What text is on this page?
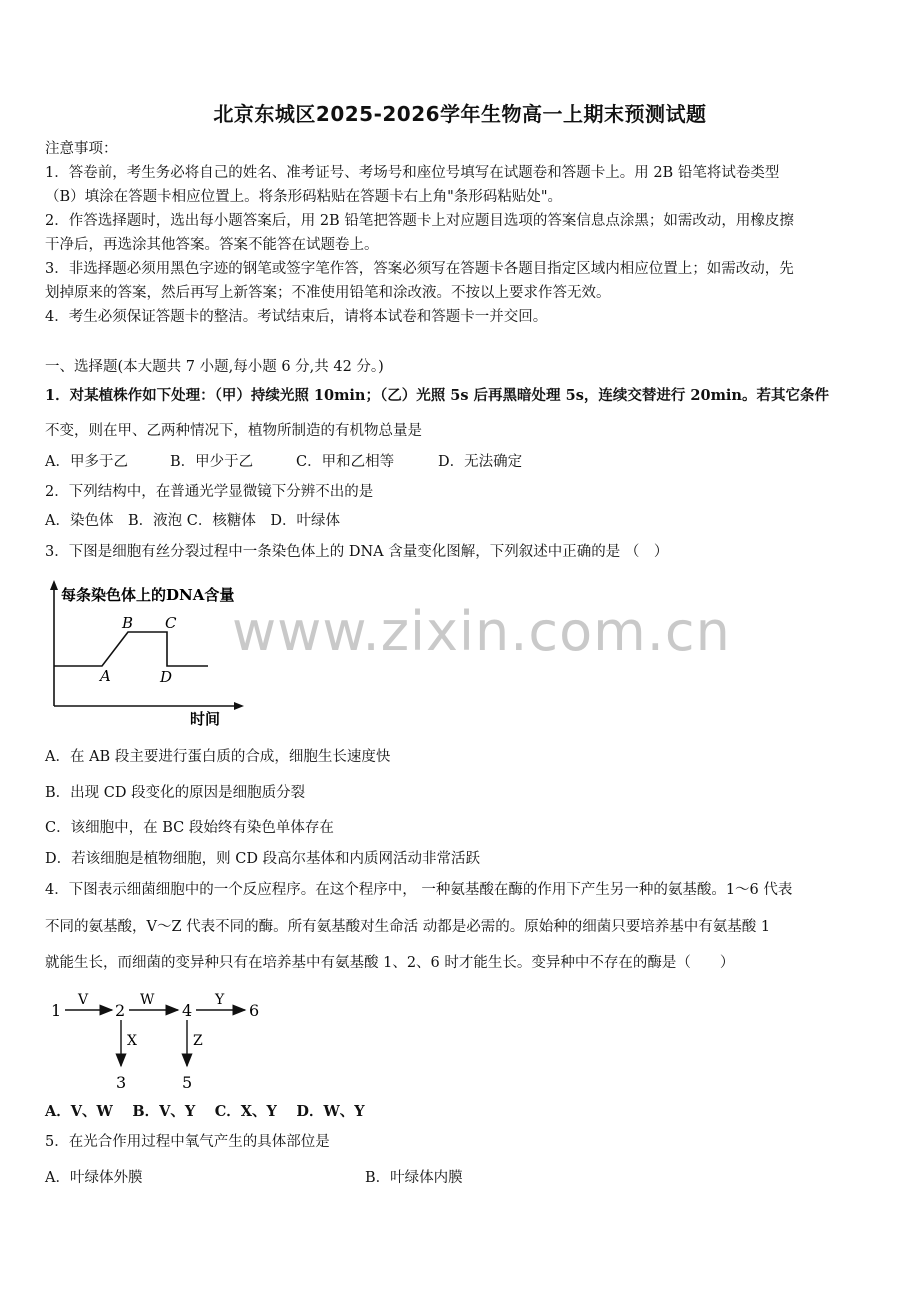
北京东城区2025-2026学年生物高一上期末预测试题
注意事项：
1．答卷前，考生务必将自己的姓名、准考证号、考场号和座位号填写在试题卷和答题卡上。用 2B 铅笔将试卷类型
（B）填涂在答题卡相应位置上。将条形码粘贴在答题卡右上角"条形码粘贴处"。
2．作答选择题时，选出每小题答案后，用 2B 铅笔把答题卡上对应题目选项的答案信息点涂黑；如需改动，用橡皮擦
干净后，再选涂其他答案。答案不能答在试题卷上。
3．非选择题必须用黑色字迹的钢笔或签字笔作答，答案必须写在答题卡各题目指定区域内相应位置上；如需改动，先
划掉原来的答案，然后再写上新答案；不准使用铅笔和涂改液。不按以上要求作答无效。
4．考生必须保证答题卡的整洁。考试结束后，请将本试卷和答题卡一并交回。
一、选择题(本大题共 7 小题,每小题 6 分,共 42 分。)
1．对某植株作如下处理：（甲）持续光照 10min；（乙）光照 5s 后再黑暗处理 5s，连续交替进行 20min。若其它条件
不变，则在甲、乙两种情况下，植物所制造的有机物总量是
A．甲多于乙	B．甲少于乙	C．甲和乙相等	D．无法确定
2．下列结构中，在普通光学显微镜下分辨不出的是
A．染色体　B．液泡 C．核糖体　D．叶绿体
3．下图是细胞有丝分裂过程中一条染色体上的 DNA 含量变化图解，下列叙述中正确的是 （　）
每条染色体上的DNA含量
时间
A
B C
D
A．在 AB 段主要进行蛋白质的合成，细胞生长速度快
B．出现 CD 段变化的原因是细胞质分裂
C．该细胞中，在 BC 段始终有染色单体存在
D．若该细胞是植物细胞，则 CD 段高尔基体和内质网活动非常活跃
4．下图表示细菌细胞中的一个反应程序。在这个程序中， 一种氨基酸在酶的作用下产生另一种的氨基酸。1～6 代表
不同的氨基酸，V～Z 代表不同的酶。所有氨基酸对生命活 动都是必需的。原始种的细菌只要培养基中有氨基酸 1
就能生长，而细菌的变异种只有在培养基中有氨基酸 1、2、6 时才能生长。变异种中不存在的酶是（　　）
1
V
2
W
4
Y
6
X
3
Z
5
A．V、W　 B．V、Y　 C．X、Y　 D．W、Y
5．在光合作用过程中氧气产生的具体部位是
A．叶绿体外膜	B．叶绿体内膜
www.zixin.com.cn
